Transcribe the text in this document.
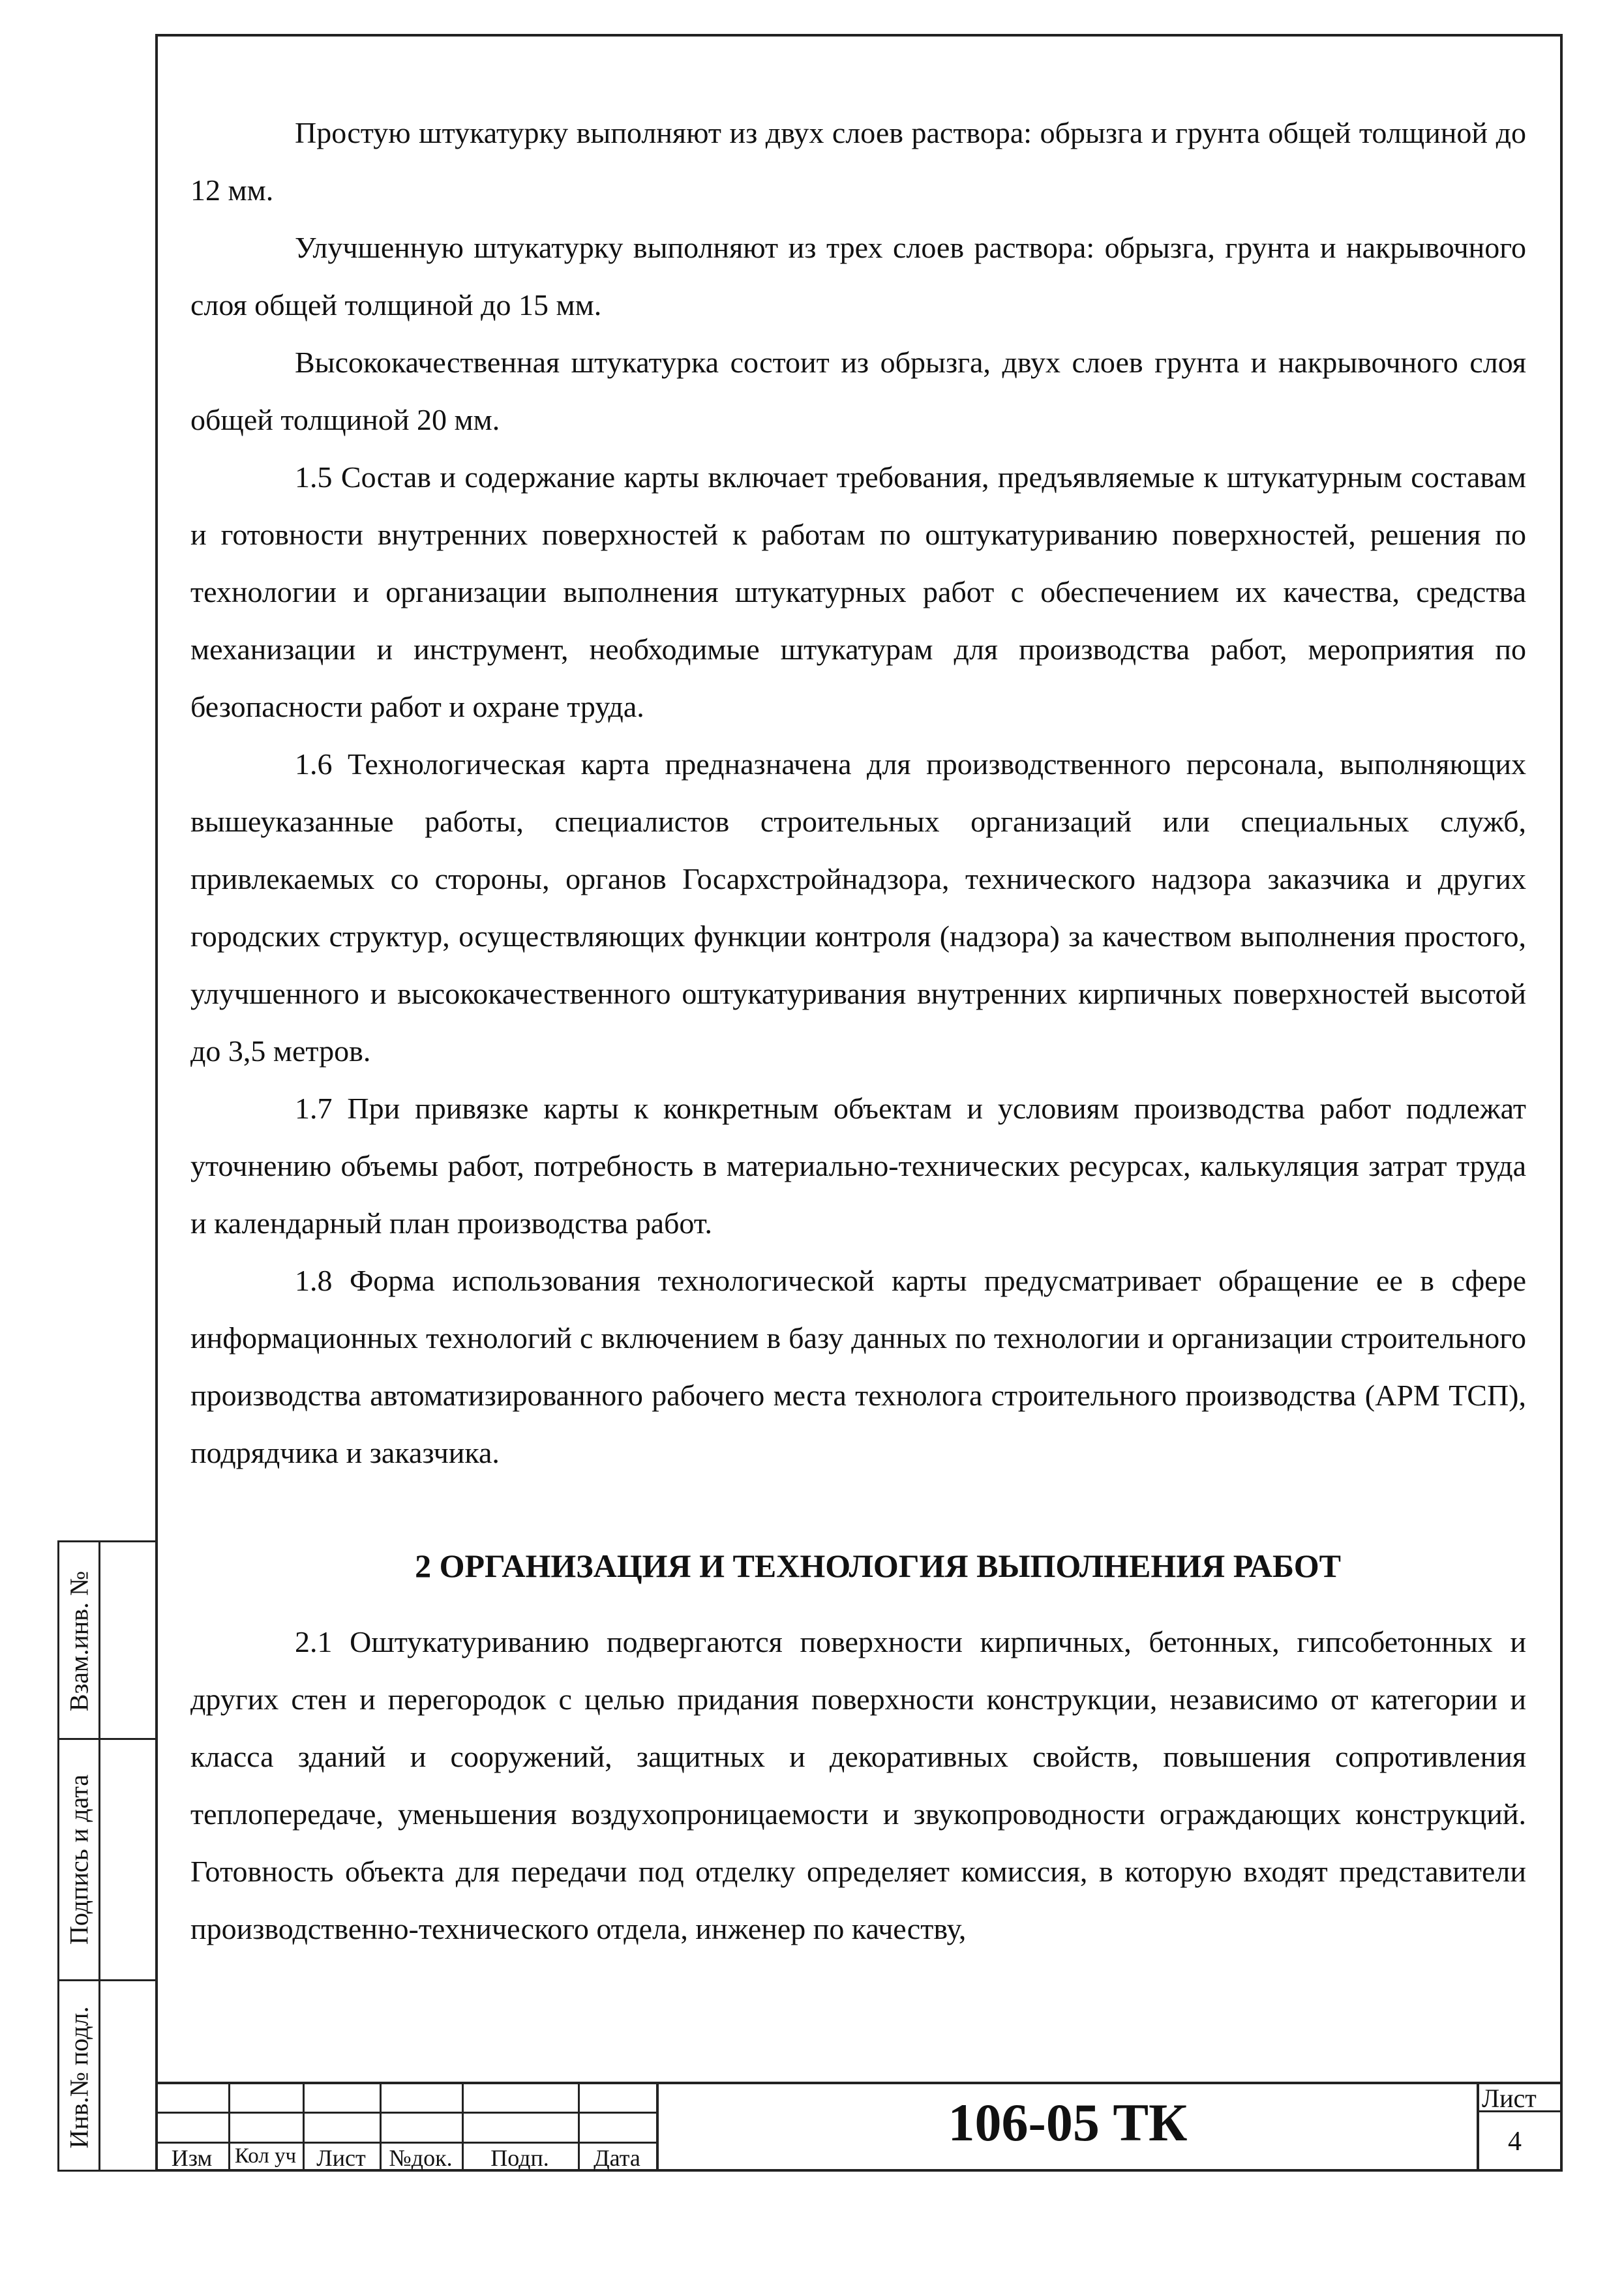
Простую штукатурку выполняют из двух слоев раствора: обрызга и грунта общей толщиной до 12 мм.

Улучшенную штукатурку выполняют из трех слоев раствора: обрызга, грунта и накрывочного слоя общей толщиной до 15 мм.

Высококачественная штукатурка состоит из обрызга, двух слоев грунта и накрывочного слоя общей толщиной 20 мм.

1.5 Состав и содержание карты включает требования, предъявляемые к штукатурным составам и готовности внутренних поверхностей к работам по оштукатуриванию поверхностей, решения по технологии и организации выполнения штукатурных работ с обеспечением их качества, средства механизации и инструмент, необходимые штукатурам для производства работ, мероприятия по безопасности работ и охране труда.

1.6 Технологическая карта предназначена для производственного персонала, выполняющих вышеуказанные работы, специалистов строительных организаций или специальных служб, привлекаемых со стороны, органов Госархстройнадзора, технического надзора заказчика и других городских структур, осуществляющих функции контроля (надзора) за качеством выполнения простого, улучшенного и высококачественного оштукатуривания внутренних кирпичных поверхностей высотой до 3,5 метров.

1.7 При привязке карты к конкретным объектам и условиям производства работ подлежат уточнению объемы работ, потребность в материально-технических ресурсах, калькуляция затрат труда и календарный план производства работ.

1.8 Форма использования технологической карты предусматривает обращение ее в сфере информационных технологий с включением в базу данных по технологии и организации строительного производства автоматизированного рабочего места технолога строительного производства (АРМ ТСП), подрядчика и заказчика.

2 ОРГАНИЗАЦИЯ И ТЕХНОЛОГИЯ ВЫПОЛНЕНИЯ РАБОТ

2.1 Оштукатуриванию подвергаются поверхности кирпичных, бетонных, гипсобетонных и других стен и перегородок с целью придания поверхности конструкции, независимо от категории и класса зданий и сооружений, защитных и декоративных свойств, повышения сопротивления теплопередаче, уменьшения воздухопроницаемости и звукопроводности ограждающих конструкций. Готовность объекта для передачи под отделку определяет комиссия, в которую входят представители производственно-технического отдела, инженер по качеству,

Взам.инв. №
Подпись и дата
Инв.№ подл.
Изм	Кол уч Лист №док.	Подп.	Дата
106-05 ТК	Лист
4
